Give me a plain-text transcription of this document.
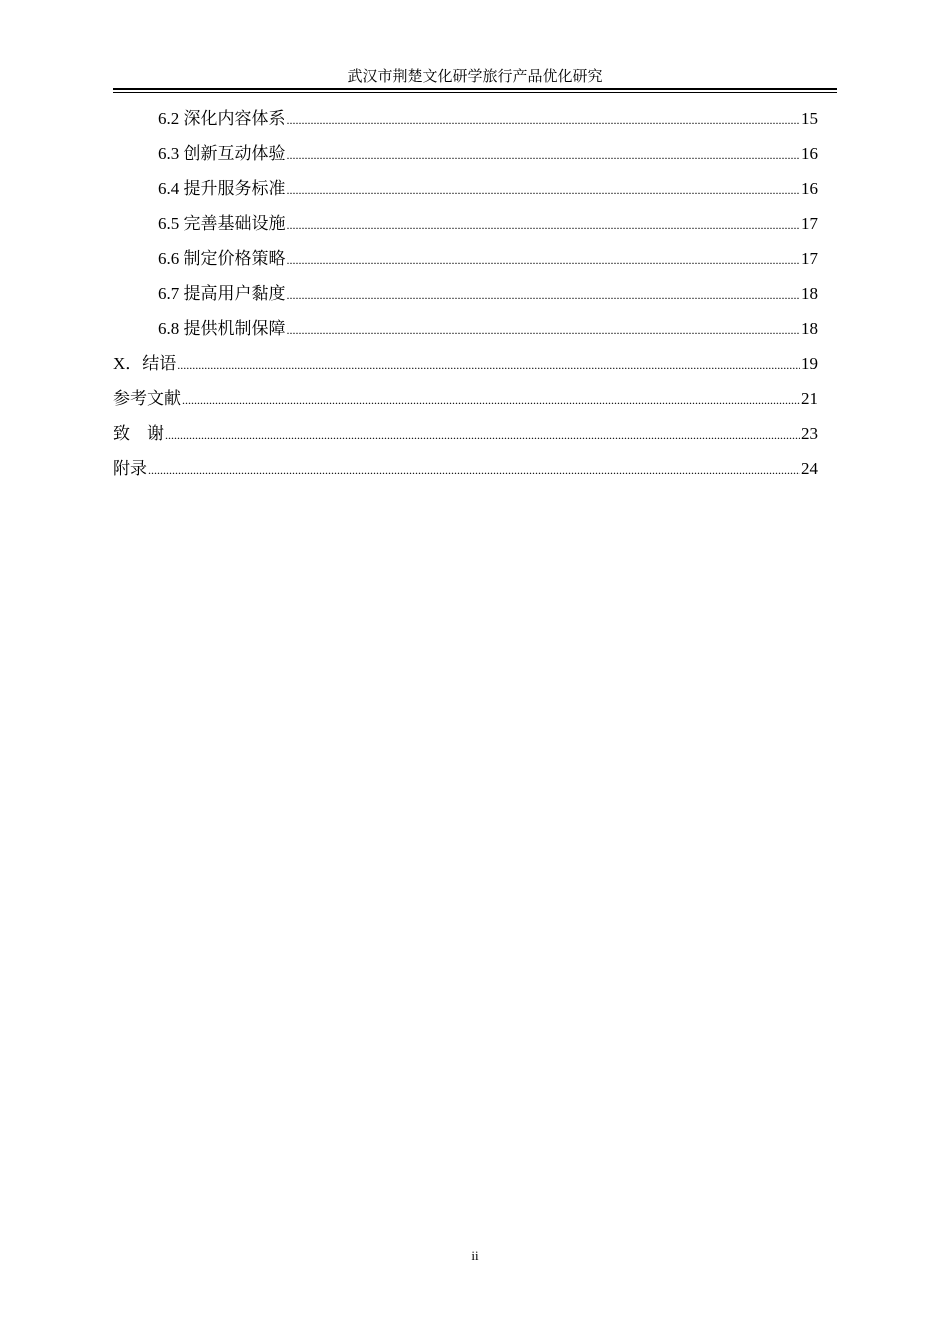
武汉市荆楚文化研学旅行产品优化研究
6.2 深化内容体系 .....	15
6.3 创新互动体验 .....	16
6.4 提升服务标准 .....	16
6.5 完善基础设施 .....	17
6.6 制定价格策略 .....	17
6.7 提高用户黏度 .....	18
6.8 提供机制保障 .....	18
X．结语 .....	19
参考文献 .....	21
致　谢 .....	23
附录 .....	24
ii
